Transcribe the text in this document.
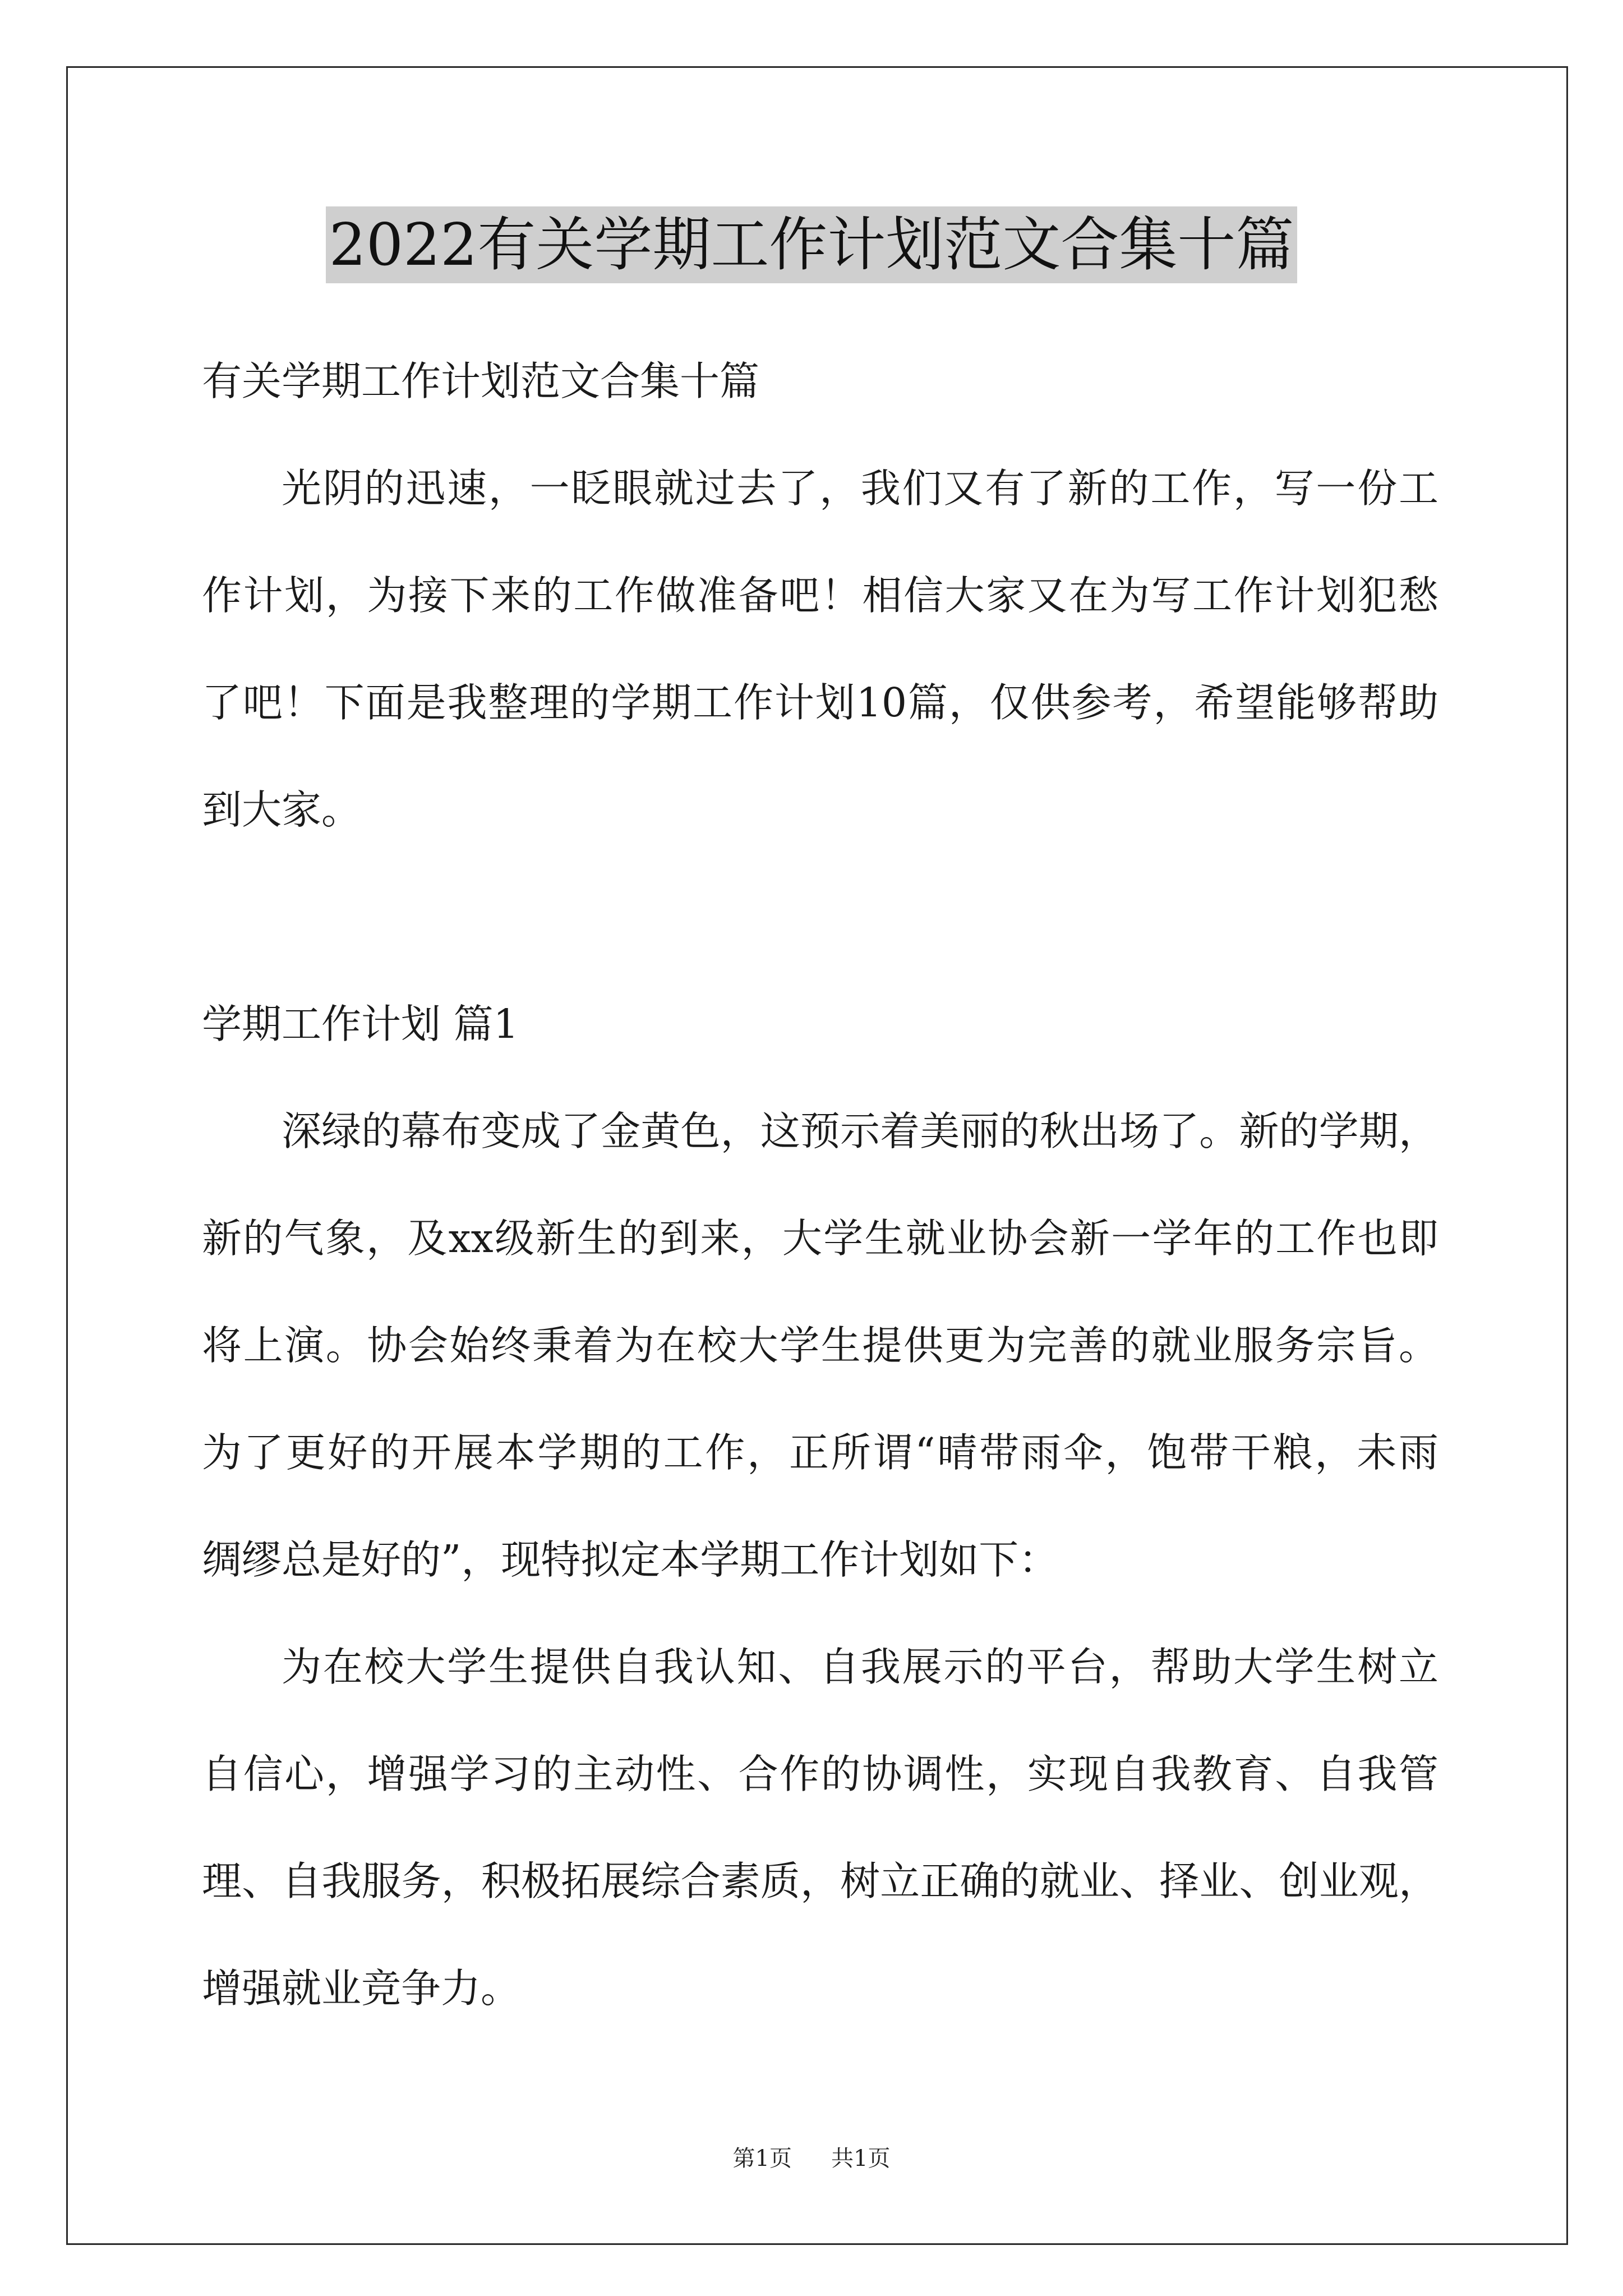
2022有关学期工作计划范文合集十篇
有关学期工作计划范文合集十篇
光阴的迅速，一眨眼就过去了，我们又有了新的工作，写一份工
作计划，为接下来的工作做准备吧！相信大家又在为写工作计划犯愁
了吧！下面是我整理的学期工作计划10篇，仅供参考，希望能够帮助
到大家。
学期工作计划 篇1
深绿的幕布变成了金黄色，这预示着美丽的秋出场了。新的学期，
新的气象，及xx级新生的到来，大学生就业协会新一学年的工作也即
将上演。协会始终秉着为在校大学生提供更为完善的就业服务宗旨。
为了更好的开展本学期的工作，正所谓“晴带雨伞，饱带干粮，未雨
绸缪总是好的”，现特拟定本学期工作计划如下：
为在校大学生提供自我认知、自我展示的平台，帮助大学生树立
自信心，增强学习的主动性、合作的协调性，实现自我教育、自我管
理、自我服务，积极拓展综合素质，树立正确的就业、择业、创业观，
增强就业竞争力。
第1页 共1页
